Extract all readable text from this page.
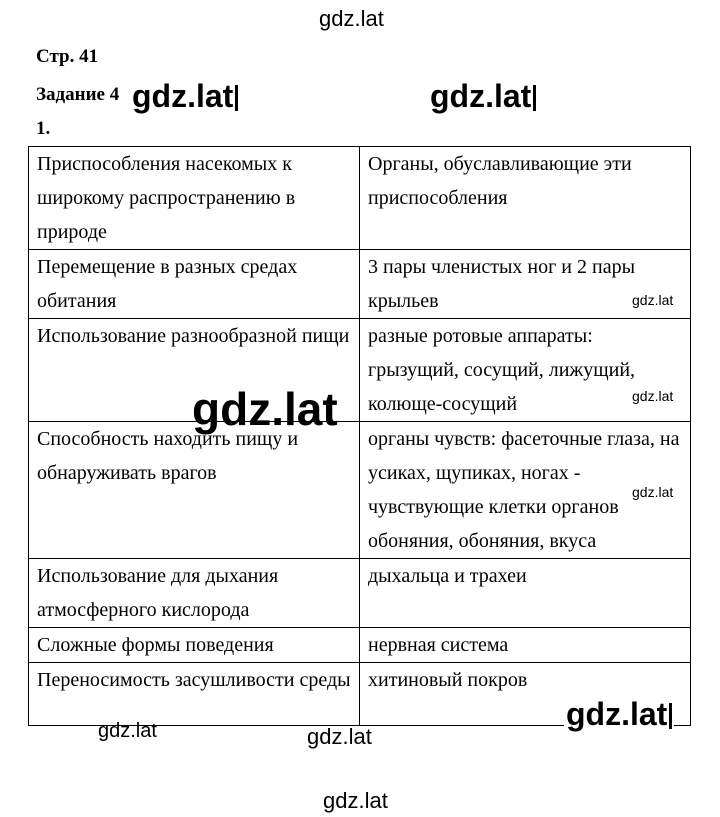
gdz.lat
Стр. 41
Задание 4
1.
gdz.lat	gdz.lat
Приспособления насекомых к широкому распространению в природе	Органы, обуславливающие эти приспособления
Перемещение в разных средах обитания	3 пары членистых ног и 2 пары крыльев
Использование разнообразной пищи	разные ротовые аппараты: грызущий, сосущий, лижущий, колюще-сосущий
Способность находить пищу и обнаруживать врагов	органы чувств: фасеточные глаза, на усиках, щупиках, ногах - чувствующие клетки органов обоняния, обоняния, вкуса
Использование для дыхания атмосферного кислорода	дыхальца и трахеи
Сложные формы поведения	нервная система
Переносимость засушливости среды	хитиновый покров
gdz.lat
gdz.lat
gdz.lat
gdz.lat
gdz.lat
gdz.lat	gdz.lat
gdz.lat
